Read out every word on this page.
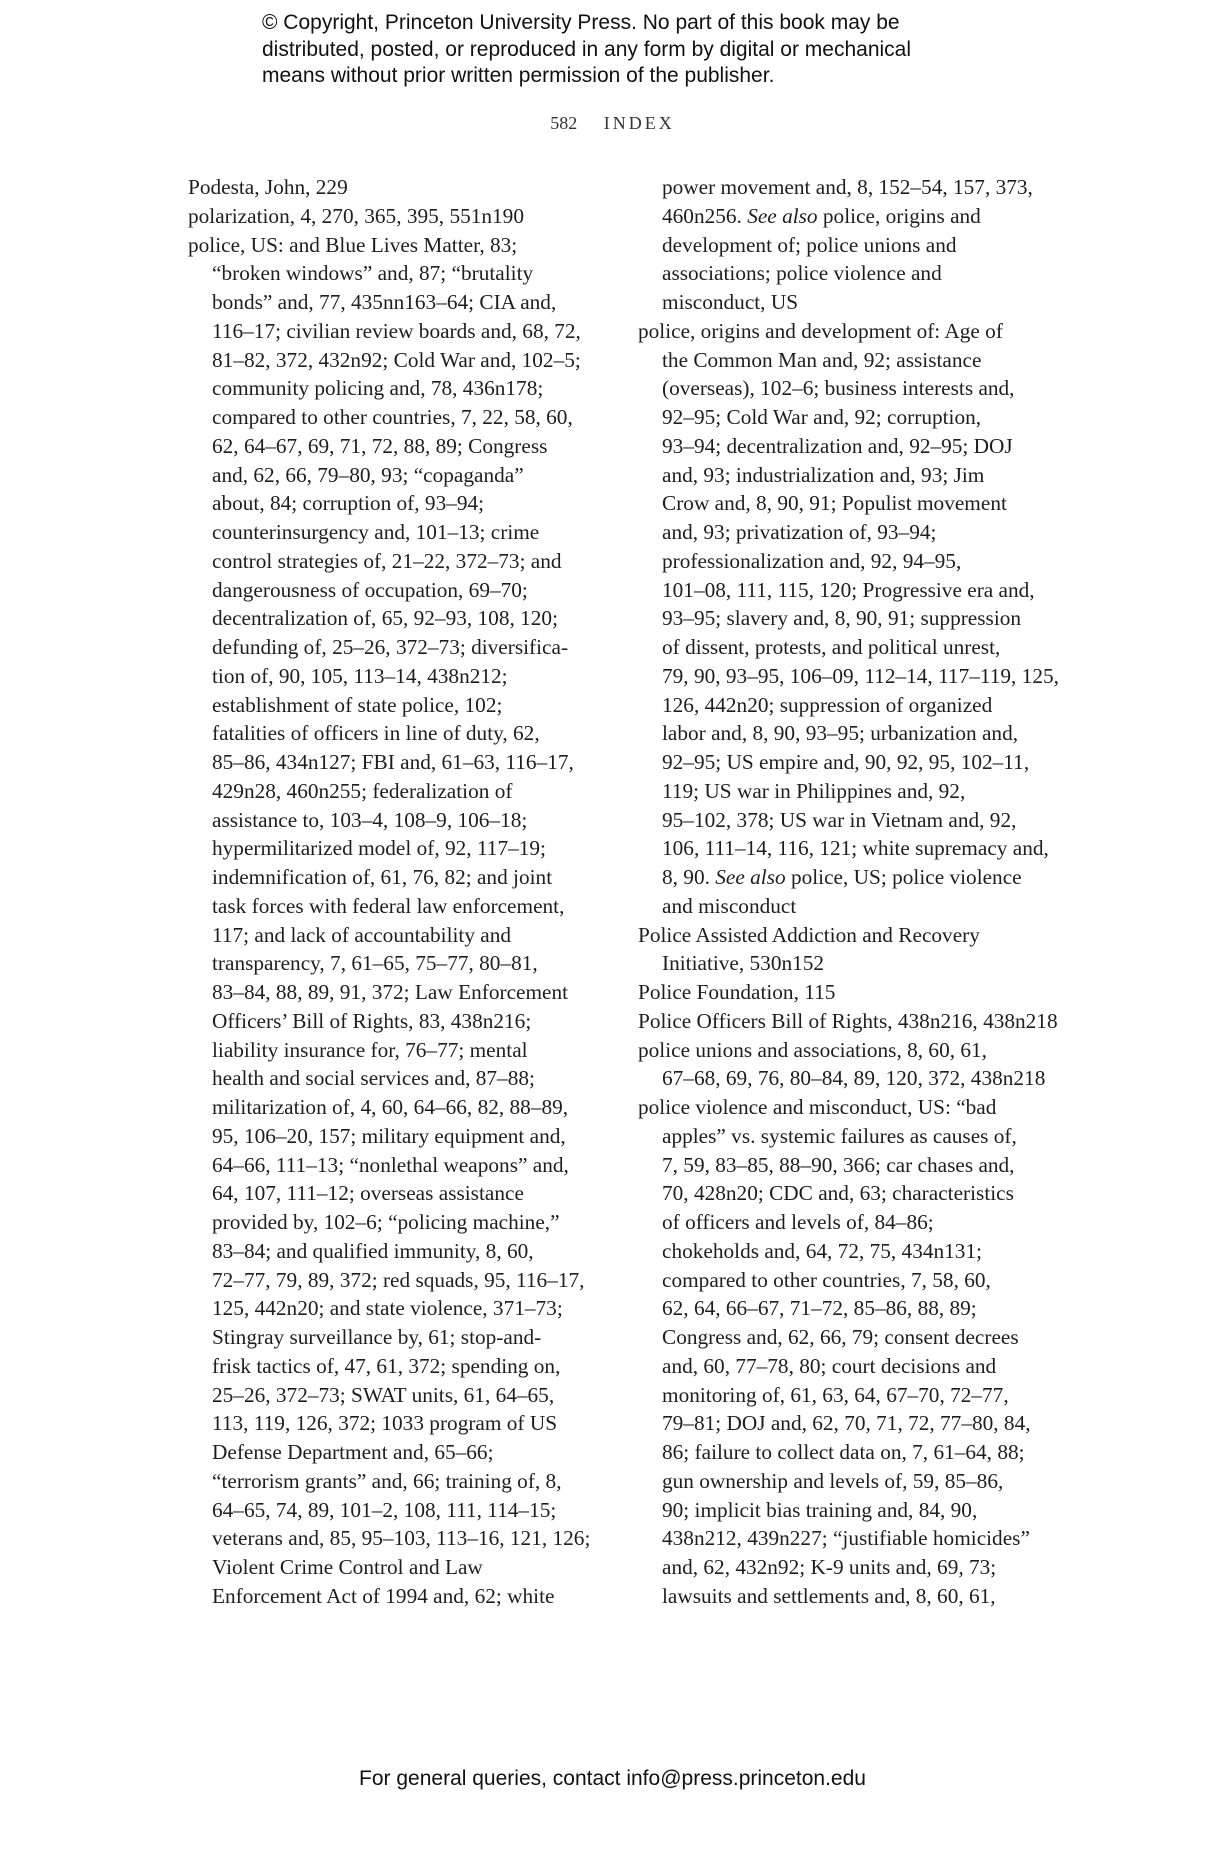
© Copyright, Princeton University Press. No part of this book may be

distributed, posted, or reproduced in any form by digital or mechanical

means without prior written permission of the publisher.

582 INDEX
Podesta, John, 229
polarization, 4, 270, 365, 395, 551n190
police, US: and Blue Lives Matter, 83;
“broken windows” and, 87; “brutality
bonds” and, 77, 435nn163–64; CIA and,
116–17; civilian review boards and, 68, 72,
81–82, 372, 432n92; Cold War and, 102–5;
community policing and, 78, 436n178;
compared to other countries, 7, 22, 58, 60,
62, 64–67, 69, 71, 72, 88, 89; Congress
and, 62, 66, 79–80, 93; “copaganda”
about, 84; corruption of, 93–94;
counterinsurgency and, 101–13; crime
control strategies of, 21–22, 372–73; and
dangerousness of occupation, 69–70;
decentralization of, 65, 92–93, 108, 120;
defunding of, 25–26, 372–73; diversifica-
tion of, 90, 105, 113–14, 438n212;
establishment of state police, 102;
fatalities of officers in line of duty, 62,
85–86, 434n127; FBI and, 61–63, 116–17,
429n28, 460n255; federalization of
assistance to, 103–4, 108–9, 106–18;
hypermilitarized model of, 92, 117–19;
indemnification of, 61, 76, 82; and joint
task forces with federal law enforcement,
117; and lack of accountability and
transparency, 7, 61–65, 75–77, 80–81,
83–84, 88, 89, 91, 372; Law Enforcement
Officers’ Bill of Rights, 83, 438n216;
liability insurance for, 76–77; mental
health and social services and, 87–88;
militarization of, 4, 60, 64–66, 82, 88–89,
95, 106–20, 157; military equipment and,
64–66, 111–13; “nonlethal weapons” and,
64, 107, 111–12; overseas assistance
provided by, 102–6; “policing machine,”
83–84; and qualified immunity, 8, 60,
72–77, 79, 89, 372; red squads, 95, 116–17,
125, 442n20; and state violence, 371–73;
Stingray surveillance by, 61; stop-and-
frisk tactics of, 47, 61, 372; spending on,
25–26, 372–73; SWAT units, 61, 64–65,
113, 119, 126, 372; 1033 program of US
Defense Department and, 65–66;
“terrorism grants” and, 66; training of, 8,
64–65, 74, 89, 101–2, 108, 111, 114–15;
veterans and, 85, 95–103, 113–16, 121, 126;
Violent Crime Control and Law
Enforcement Act of 1994 and, 62; white
power movement and, 8, 152–54, 157, 373,
460n256. See also police, origins and
development of; police unions and
associations; police violence and
misconduct, US
police, origins and development of: Age of
the Common Man and, 92; assistance
(overseas), 102–6; business interests and,
92–95; Cold War and, 92; corruption,
93–94; decentralization and, 92–95; DOJ
and, 93; industrialization and, 93; Jim
Crow and, 8, 90, 91; Populist movement
and, 93; privatization of, 93–94;
professionalization and, 92, 94–95,
101–08, 111, 115, 120; Progressive era and,
93–95; slavery and, 8, 90, 91; suppression
of dissent, protests, and political unrest,
79, 90, 93–95, 106–09, 112–14, 117–119, 125,
126, 442n20; suppression of organized
labor and, 8, 90, 93–95; urbanization and,
92–95; US empire and, 90, 92, 95, 102–11,
119; US war in Philippines and, 92,
95–102, 378; US war in Vietnam and, 92,
106, 111–14, 116, 121; white supremacy and,
8, 90. See also police, US; police violence
and misconduct
Police Assisted Addiction and Recovery
Initiative, 530n152
Police Foundation, 115
Police Officers Bill of Rights, 438n216, 438n218
police unions and associations, 8, 60, 61,
67–68, 69, 76, 80–84, 89, 120, 372, 438n218
police violence and misconduct, US: “bad
apples” vs. systemic failures as causes of,
7, 59, 83–85, 88–90, 366; car chases and,
70, 428n20; CDC and, 63; characteristics
of officers and levels of, 84–86;
chokeholds and, 64, 72, 75, 434n131;
compared to other countries, 7, 58, 60,
62, 64, 66–67, 71–72, 85–86, 88, 89;
Congress and, 62, 66, 79; consent decrees
and, 60, 77–78, 80; court decisions and
monitoring of, 61, 63, 64, 67–70, 72–77,
79–81; DOJ and, 62, 70, 71, 72, 77–80, 84,
86; failure to collect data on, 7, 61–64, 88;
gun ownership and levels of, 59, 85–86,
90; implicit bias training and, 84, 90,
438n212, 439n227; “justifiable homicides”
and, 62, 432n92; K-9 units and, 69, 73;
lawsuits and settlements and, 8, 60, 61,
For general queries, contact info@press.princeton.edu
